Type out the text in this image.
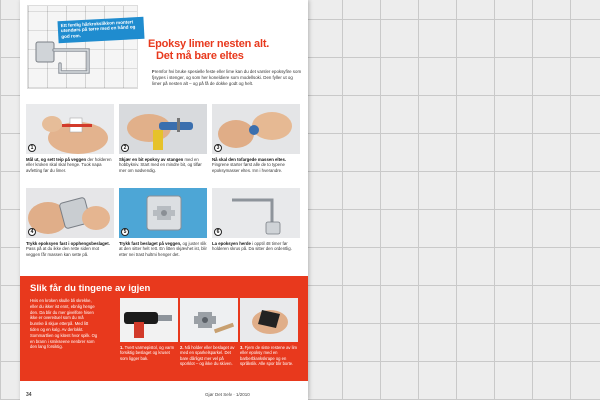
Ett ferdig hårkrokslikkon montert utendørs på tørre med en hånd og god rom.
Epoksy limer nesten alt.
Det må bare eltes
Fremfor hvi bruke spesielle feste eller lime kan du det varsler epoksyfire som fjsypes i stenger, og som her koneldiere som modellsoki. Den fyller ut og limer på nesten alt – og på få de dokke godt og helt.
1
Mål ut, og sett teip på veggen der holderen eller kroken skal skal henge. Tuok napa avfetting før du limer.
2
Skjær en bit epoksy av stangen med en hobbykniv. Start med en mindre bit, og tilfør mer om nødvendig.
3
Nå skal den tofargede massen eltes. Fingrene starter først alle de to typene epoksymasser eltes. Inn i hverandre.
4
Trykk epoksyen fast i opphengsbeslaget. Pass på at du ikke den rette siden mot veggen får massen kan sette på.
5
Trykk fast beslaget på veggen, og juster slik at den sitter helt rett. En litten skjævhet ist, blir etter nei trast hultmi henger det.
6
La epoksyen herde i opptil 48 timer før holderen skrus på. Da sitter den ordentlig.
Slik får du tingene av igjen
Hvis en kroken skulle bli skrekke, eller du ikker ist ennt, ebnlig henge den. Da blir du mer givelfore hisen ikke er overeituel som du må bunnke å skjue etterpå. Med litt tiden og en kalg. Av derlokkt. Sommartlien og kitent hvor spilk. Og en brann i smikseene nenbrer som den lang forsiktig.	1. Tvert varmepistol, og varm forsiktig beslaget og kruset som ligger bak.
2. Nå holder eller beslaget av med en sparkelsparkel. Det bare dårligst mer vel på sporklot – og ikke du skiven.
3. Fjern de siste restene av lim eller epoksy med en barberblankskrape og en språkslik. Alle spor blir borte.
34	Gjør Det Selv · 1/2010
